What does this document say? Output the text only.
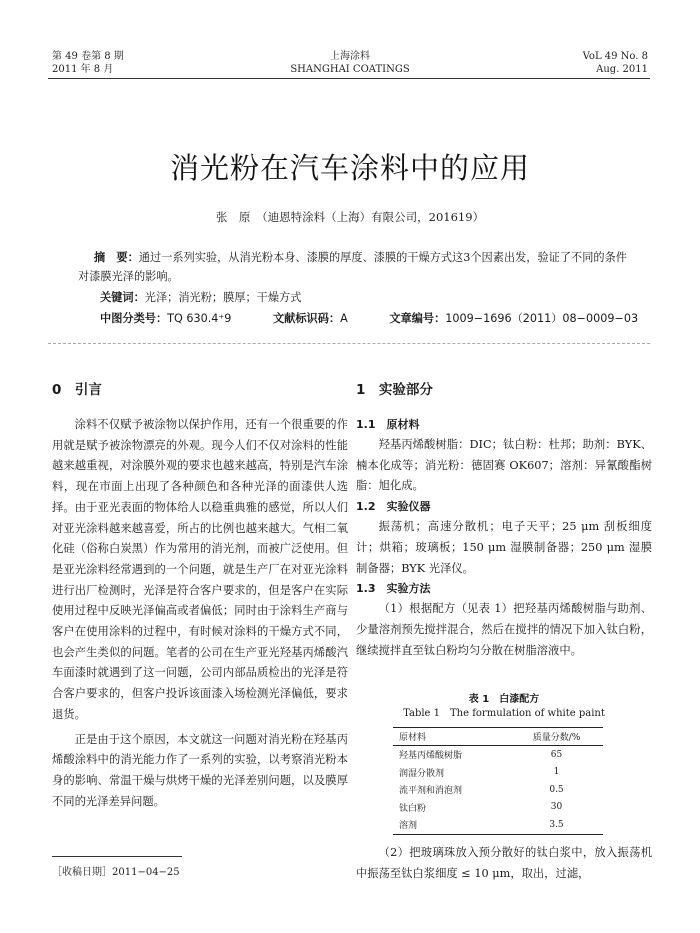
第 49 卷第 8 期
2011 年 8 月
上海涂料
SHANGHAI COATINGS
VoL 49 No. 8
Aug. 2011
消光粉在汽车涂料中的应用
张　原　（迪恩特涂料（上海）有限公司，201619）
摘　要：通过一系列实验，从消光粉本身、漆膜的厚度、漆膜的干燥方式这3个因素出发，验证了不同的条件对漆膜光泽的影响。
关键词：光泽；消光粉；膜厚；干燥方式
中图分类号：TQ 630.4⁺9	文献标识码：A	文章编号：1009−1696（2011）08−0009−03
0　引言

涂料不仅赋予被涂物以保护作用，还有一个很重要的作用就是赋予被涂物漂亮的外观。现今人们不仅对涂料的性能越来越重视，对涂膜外观的要求也越来越高，特别是汽车涂料，现在市面上出现了各种颜色和各种光泽的面漆供人选择。由于亚光表面的物体给人以稳重典雅的感觉，所以人们对亚光涂料越来越喜爱，所占的比例也越来越大。气相二氧化硅（俗称白炭黑）作为常用的消光剂，而被广泛使用。但是亚光涂料经常遇到的一个问题，就是生产厂在对亚光涂料进行出厂检测时，光泽是符合客户要求的，但是客户在实际使用过程中反映光泽偏高或者偏低；同时由于涂料生产商与客户在使用涂料的过程中，有时候对涂料的干燥方式不同，也会产生类似的问题。笔者的公司在生产亚光羟基丙烯酸汽车面漆时就遇到了这一问题，公司内部品质检出的光泽是符合客户要求的，但客户投诉该面漆入场检测光泽偏低，要求退货。

正是由于这个原因，本文就这一问题对消光粉在羟基丙烯酸涂料中的消光能力作了一系列的实验，以考察消光粉本身的影响、常温干燥与烘烤干燥的光泽差别问题，以及膜厚不同的光泽差异问题。

［收稿日期］2011−04−25
1　实验部分

1.1　原材料

羟基丙烯酸树脂：DIC；钛白粉：杜邦；助剂：BYK、楠本化成等；消光粉：德固赛 OK607；溶剂：异氰酸酯树脂：旭化成。

1.2　实验仪器

振荡机；高速分散机；电子天平；25 μm 刮板细度计；烘箱；玻璃板；150 μm 湿膜制备器；250 μm 湿膜制备器；BYK 光泽仪。

1.3　实验方法

（1）根据配方（见表 1）把羟基丙烯酸树脂与助剂、少量溶剂预先搅拌混合，然后在搅拌的情况下加入钛白粉，继续搅拌直至钛白粉均匀分散在树脂溶液中。

表 1　白漆配方
Table 1　The formulation of white paint
原材料	质量分数/%
羟基丙烯酸树脂	65
润湿分散剂	1
流平剂和消泡剂	0.5
钛白粉	30
溶剂	3.5

（2）把玻璃珠放入预分散好的钛白浆中，放入振荡机中振荡至钛白浆细度 ≤ 10 μm，取出，过滤，
